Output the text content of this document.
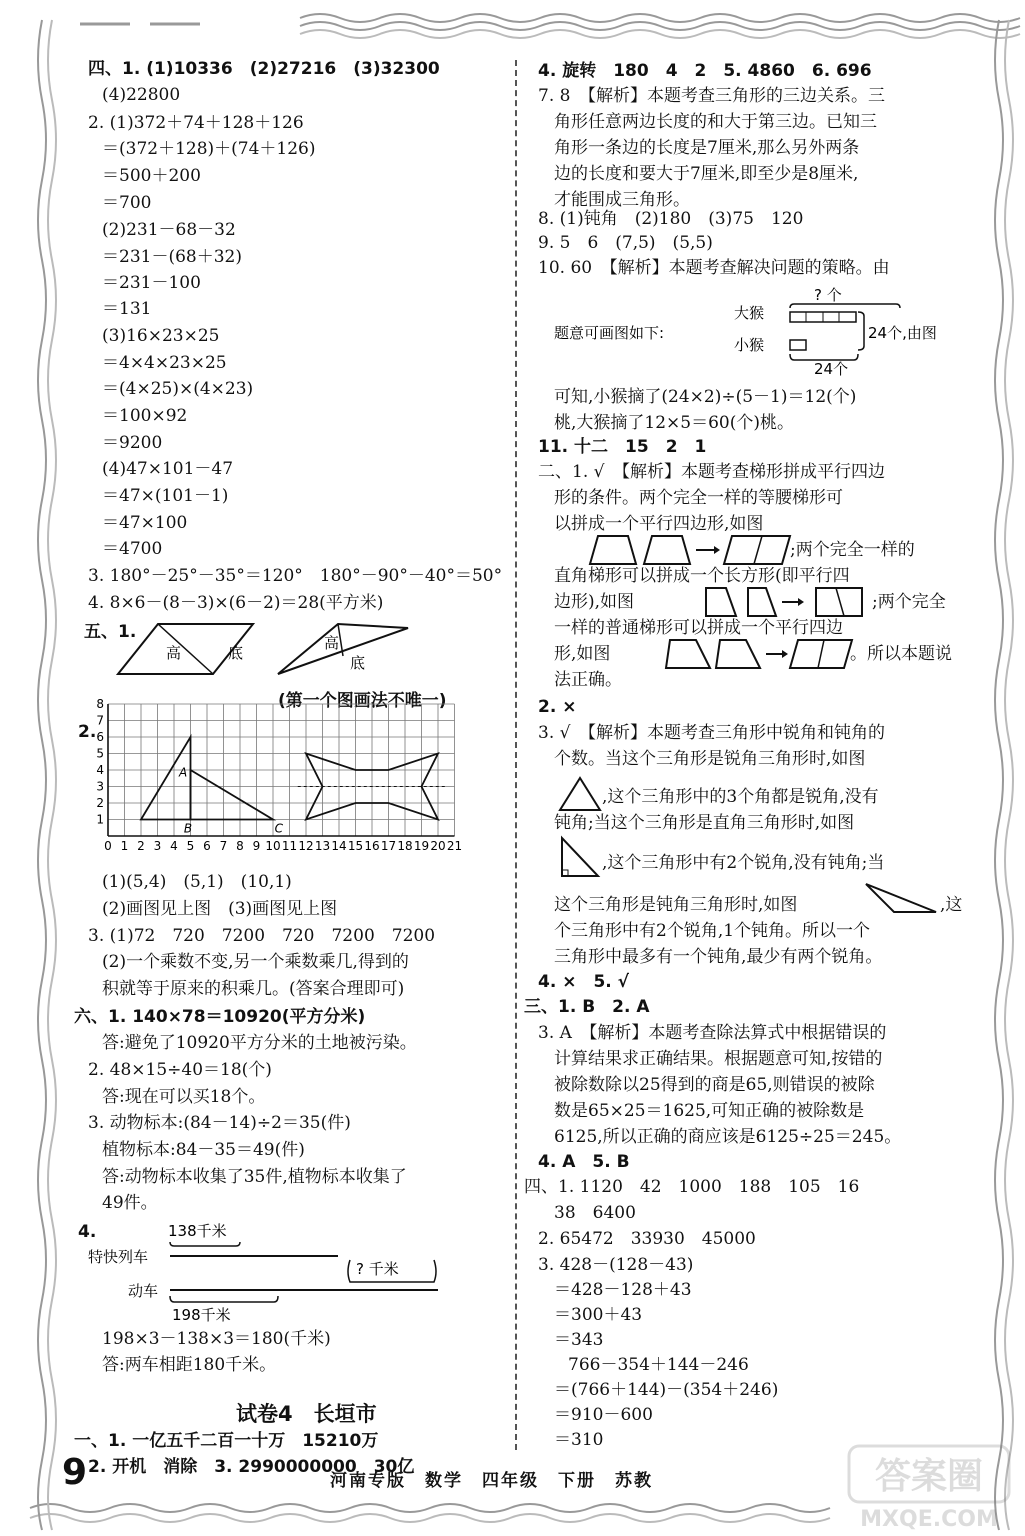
四、1. (1)10336　(2)27216　(3)32300
(4)22800
2. (1)372＋74＋128＋126
＝(372＋128)＋(74＋126)
＝500＋200
＝700
(2)231－68－32
＝231－(68＋32)
＝231－100
＝131
(3)16×23×25
＝4×4×23×25
＝(4×25)×(4×23)
＝100×92
＝9200
(4)47×101－47
＝47×(101－1)
＝47×100
＝4700
3. 180°－25°－35°＝120°　180°－90°－40°＝50°
4. 8×6－(8－3)×(6－2)＝28(平方米)
五、1.
高	底
高
底
(第一个图画法不唯一)
2.
0 1 2 3 4 5 6 7 8 9 10 11 12 13 14 15 16 17 18 19 20 21
8
7
6
5
4
3
2
1
A
B	C
(1)(5,4)　(5,1)　(10,1)
(2)画图见上图　(3)画图见上图
3. (1)72　720　7200　720　7200　7200
(2)一个乘数不变,另一个乘数乘几,得到的
积就等于原来的积乘几。(答案合理即可)
六、1. 140×78＝10920(平方分米)
答:避免了10920平方分米的土地被污染。
2. 48×15÷40＝18(个)
答:现在可以买18个。
3. 动物标本:(84－14)÷2＝35(件)
植物标本:84－35＝49(件)
答:动物标本收集了35件,植物标本收集了
49件。
4.	138千米
特快列车
? 千米
动车
198千米
198×3－138×3＝180(千米)
答:两车相距180千米。
试卷4　长垣市
一、1. 一亿五千二百一十万　15210万
2. 开机　消除　3. 2990000000　30亿
4. 旋转　180　4　2　5. 4860　6. 696
7. 8　【解析】本题考查三角形的三边关系。三
角形任意两边长度的和大于第三边。已知三
角形一条边的长度是7厘米,那么另外两条
边的长度和要大于7厘米,即至少是8厘米,
才能围成三角形。
8. (1)钝角　(2)180　(3)75　120
9. 5　6　(7,5)　(5,5)
10. 60　【解析】本题考查解决问题的策略。由
? 个
题意可画图如下:
大猴
小猴
24个,由图
24个
可知,小猴摘了(24×2)÷(5－1)＝12(个)
桃,大猴摘了12×5＝60(个)桃。
11. 十二　15　2　1
二、1. √　【解析】本题考查梯形拼成平行四边
形的条件。两个完全一样的等腰梯形可
以拼成一个平行四边形,如图
;两个完全一样的
直角梯形可以拼成一个长方形(即平行四
边形),如图	;两个完全
一样的普通梯形可以拼成一个平行四边
形,如图	。所以本题说
法正确。
2. ×
3. √　【解析】本题考查三角形中锐角和钝角的
个数。当这个三角形是锐角三角形时,如图
,这个三角形中的3个角都是锐角,没有
钝角;当这个三角形是直角三角形时,如图
,这个三角形中有2个锐角,没有钝角;当
这个三角形是钝角三角形时,如图	,这
个三角形中有2个锐角,1个钝角。所以一个
三角形中最多有一个钝角,最少有两个锐角。
4. ×　5. √
三、1. B　2. A
3. A　【解析】本题考查除法算式中根据错误的
计算结果求正确结果。根据题意可知,按错的
被除数除以25得到的商是65,则错误的被除
数是65×25＝1625,可知正确的被除数是
6125,所以正确的商应该是6125÷25＝245。
4. A　5. B
四、1. 1120　42　1000　188　105　16
38　6400
2. 65472　33930　45000
3. 428－(128－43)
＝428－128＋43
＝300＋43
＝343
766－354＋144－246
＝(766＋144)－(354＋246)
＝910－600
＝310
9	河南专版　数学　四年级　下册　苏教	答案圈
MXQE.COM
